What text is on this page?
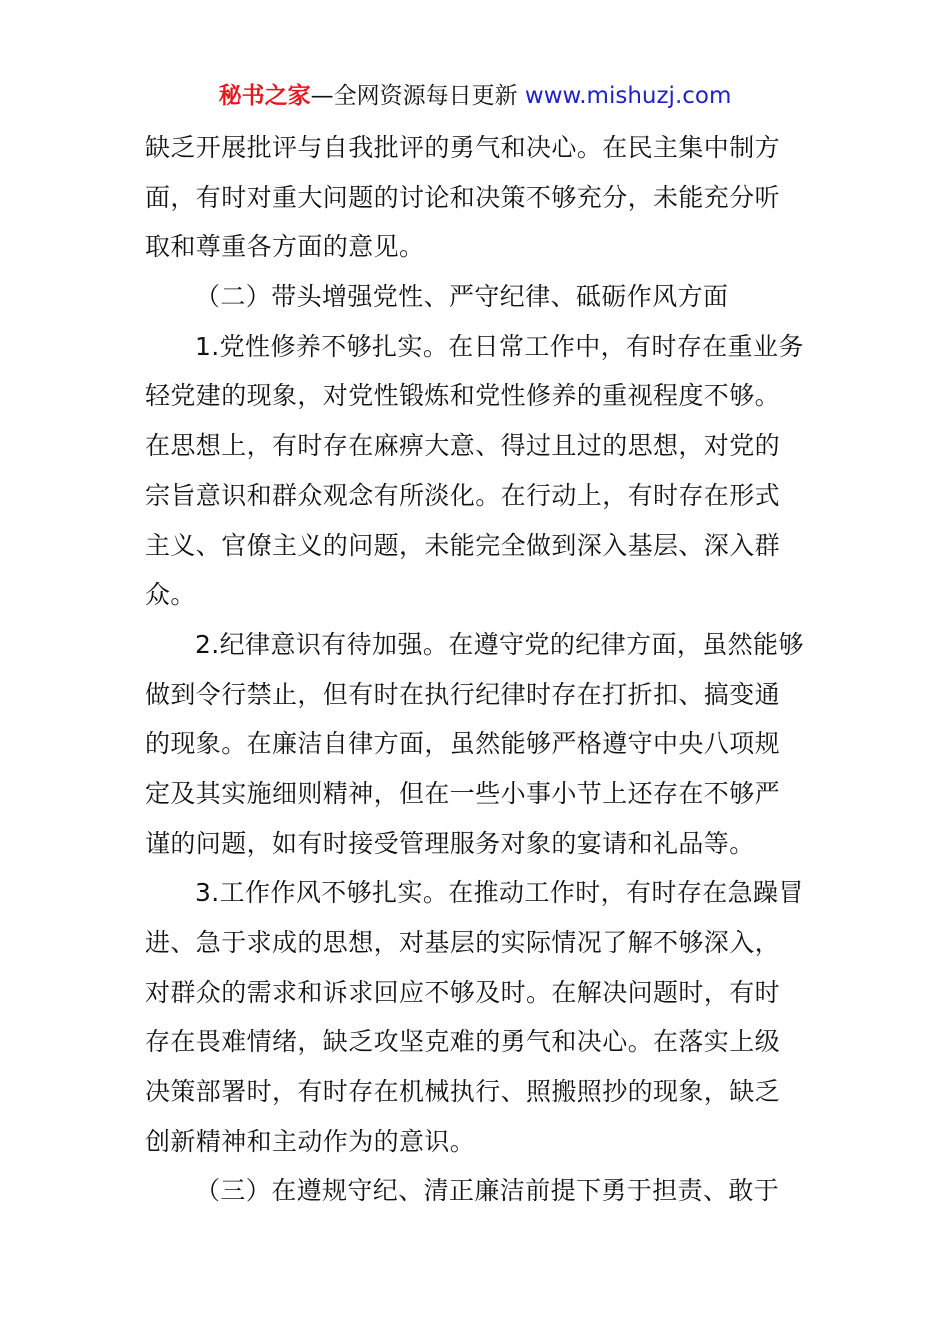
秘书之家—全网资源每日更新 www.mishuzj.com
缺乏开展批评与自我批评的勇气和决心。在民主集中制方
面，有时对重大问题的讨论和决策不够充分，未能充分听
取和尊重各方面的意见。
（二）带头增强党性、严守纪律、砥砺作风方面
1.党性修养不够扎实。在日常工作中，有时存在重业务
轻党建的现象，对党性锻炼和党性修养的重视程度不够。
在思想上，有时存在麻痹大意、得过且过的思想，对党的
宗旨意识和群众观念有所淡化。在行动上，有时存在形式
主义、官僚主义的问题，未能完全做到深入基层、深入群
众。
2.纪律意识有待加强。在遵守党的纪律方面，虽然能够
做到令行禁止，但有时在执行纪律时存在打折扣、搞变通
的现象。在廉洁自律方面，虽然能够严格遵守中央八项规
定及其实施细则精神，但在一些小事小节上还存在不够严
谨的问题，如有时接受管理服务对象的宴请和礼品等。
3.工作作风不够扎实。在推动工作时，有时存在急躁冒
进、急于求成的思想，对基层的实际情况了解不够深入，
对群众的需求和诉求回应不够及时。在解决问题时，有时
存在畏难情绪，缺乏攻坚克难的勇气和决心。在落实上级
决策部署时，有时存在机械执行、照搬照抄的现象，缺乏
创新精神和主动作为的意识。
（三）在遵规守纪、清正廉洁前提下勇于担责、敢于
